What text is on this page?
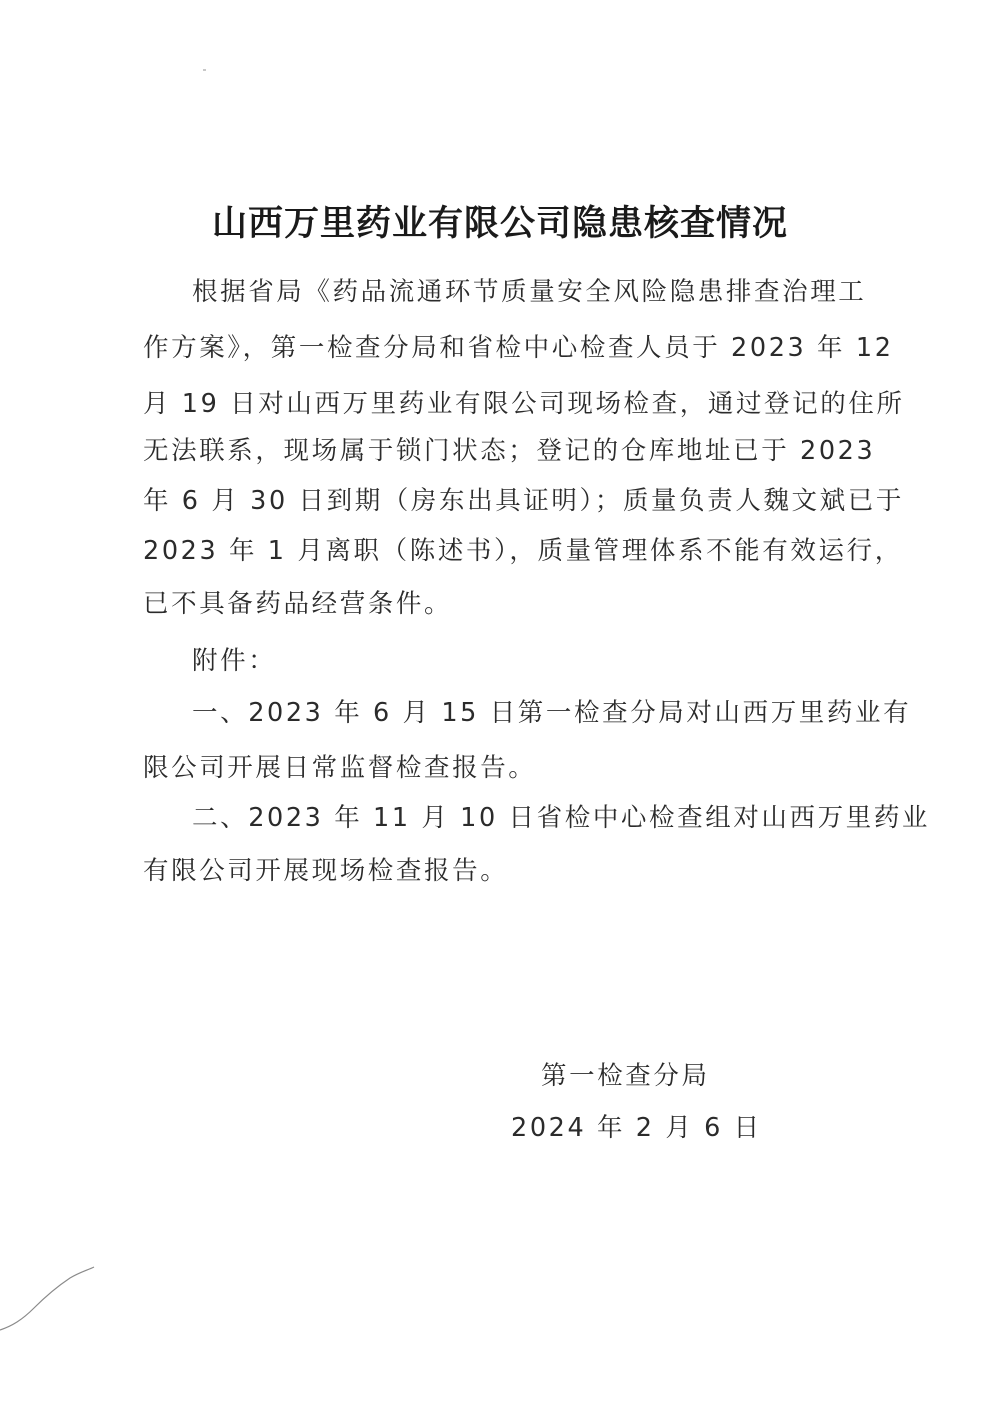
山西万里药业有限公司隐患核查情况
根据省局《药品流通环节质量安全风险隐患排查治理工
作方案》，第一检查分局和省检中心检查人员于 2023 年 12
月 19 日对山西万里药业有限公司现场检查，通过登记的住所
无法联系，现场属于锁门状态；登记的仓库地址已于 2023
年 6 月 30 日到期（房东出具证明）；质量负责人魏文斌已于
2023 年 1 月离职（陈述书），质量管理体系不能有效运行，
已不具备药品经营条件。
附件：
一、2023 年 6 月 15 日第一检查分局对山西万里药业有
限公司开展日常监督检查报告。
二、2023 年 11 月 10 日省检中心检查组对山西万里药业
有限公司开展现场检查报告。
第一检查分局
2024 年 2 月 6 日
